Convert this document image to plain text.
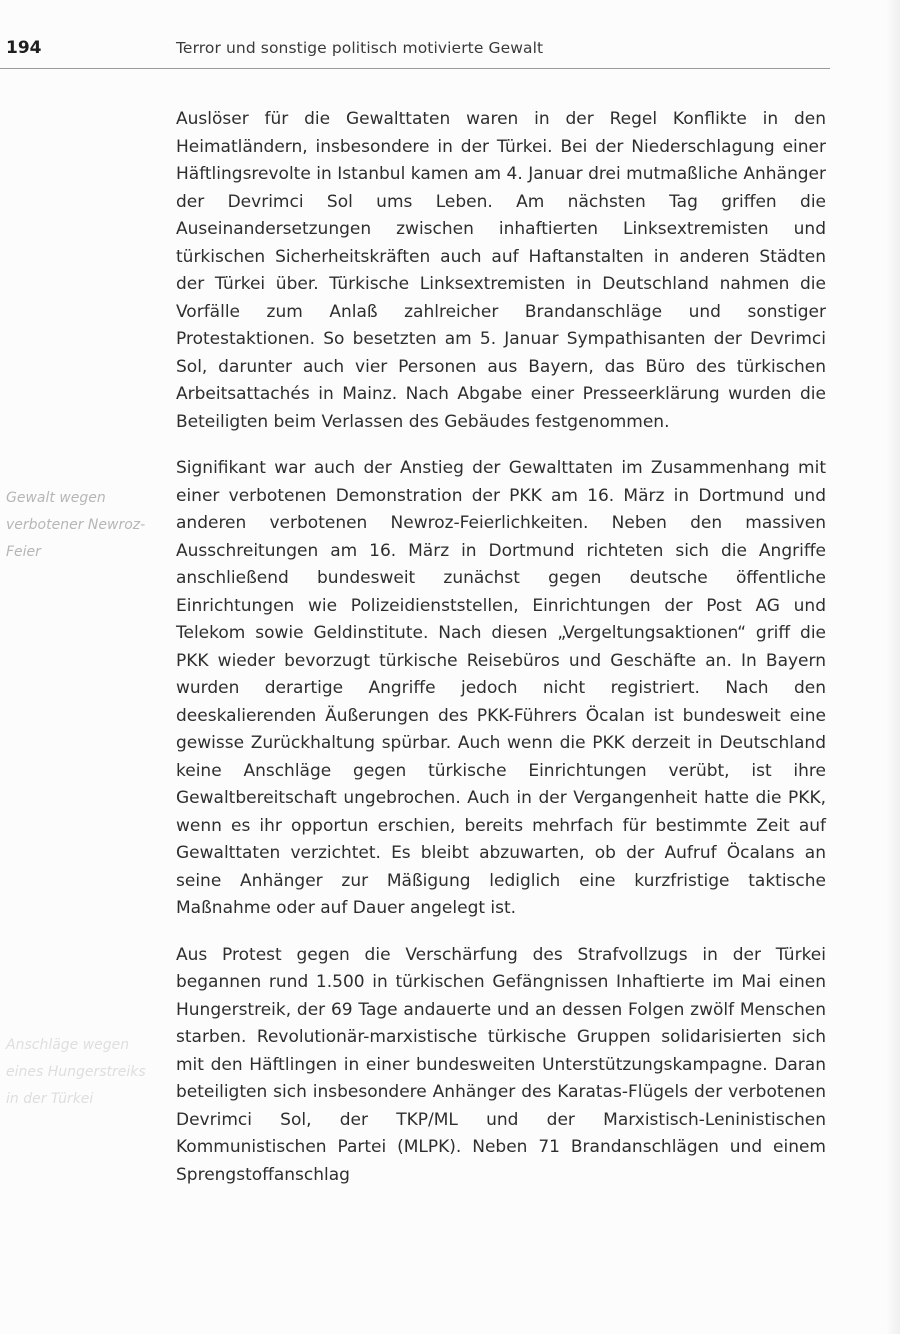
194	Terror und sonstige politisch motivierte Gewalt
Gewalt wegen verbotener Newroz-Feier
Anschläge wegen eines Hungerstreiks in der Türkei

Auslöser für die Gewalttaten waren in der Regel Konflikte in den Heimatländern, insbesondere in der Türkei. Bei der Niederschlagung einer Häftlingsrevolte in Istanbul kamen am 4. Januar drei mutmaßliche Anhänger der Devrimci Sol ums Leben. Am nächsten Tag griffen die Auseinandersetzungen zwischen inhaftierten Linksextremisten und türkischen Sicherheitskräften auch auf Haftanstalten in anderen Städten der Türkei über. Türkische Linksextremisten in Deutschland nahmen die Vorfälle zum Anlaß zahlreicher Brandanschläge und sonstiger Protestaktionen. So besetzten am 5. Januar Sympathisanten der Devrimci Sol, darunter auch vier Personen aus Bayern, das Büro des türkischen Arbeitsattachés in Mainz. Nach Abgabe einer Presseerklärung wurden die Beteiligten beim Verlassen des Gebäudes festgenommen.

Signifikant war auch der Anstieg der Gewalttaten im Zusammenhang mit einer verbotenen Demonstration der PKK am 16. März in Dortmund und anderen verbotenen Newroz-Feierlichkeiten. Neben den massiven Ausschreitungen am 16. März in Dortmund richteten sich die Angriffe anschließend bundesweit zunächst gegen deutsche öffentliche Einrichtungen wie Polizeidienststellen, Einrichtungen der Post AG und Telekom sowie Geldinstitute. Nach diesen „Vergeltungsaktionen“ griff die PKK wieder bevorzugt türkische Reisebüros und Geschäfte an. In Bayern wurden derartige Angriffe jedoch nicht registriert. Nach den deeskalierenden Äußerungen des PKK-Führers Öcalan ist bundesweit eine gewisse Zurückhaltung spürbar. Auch wenn die PKK derzeit in Deutschland keine Anschläge gegen türkische Einrichtungen verübt, ist ihre Gewaltbereitschaft ungebrochen. Auch in der Vergangenheit hatte die PKK, wenn es ihr opportun erschien, bereits mehrfach für bestimmte Zeit auf Gewalttaten verzichtet. Es bleibt abzuwarten, ob der Aufruf Öcalans an seine Anhänger zur Mäßigung lediglich eine kurzfristige taktische Maßnahme oder auf Dauer angelegt ist.

Aus Protest gegen die Verschärfung des Strafvollzugs in der Türkei begannen rund 1.500 in türkischen Gefängnissen Inhaftierte im Mai einen Hungerstreik, der 69 Tage andauerte und an dessen Folgen zwölf Menschen starben. Revolutionär-marxistische türkische Gruppen solidarisierten sich mit den Häftlingen in einer bundesweiten Unterstützungskampagne. Daran beteiligten sich insbesondere Anhänger des Karatas-Flügels der verbotenen Devrimci Sol, der TKP/ML und der Marxistisch-Leninistischen Kommunistischen Partei (MLPK). Neben 71 Brandanschlägen und einem Sprengstoffanschlag
